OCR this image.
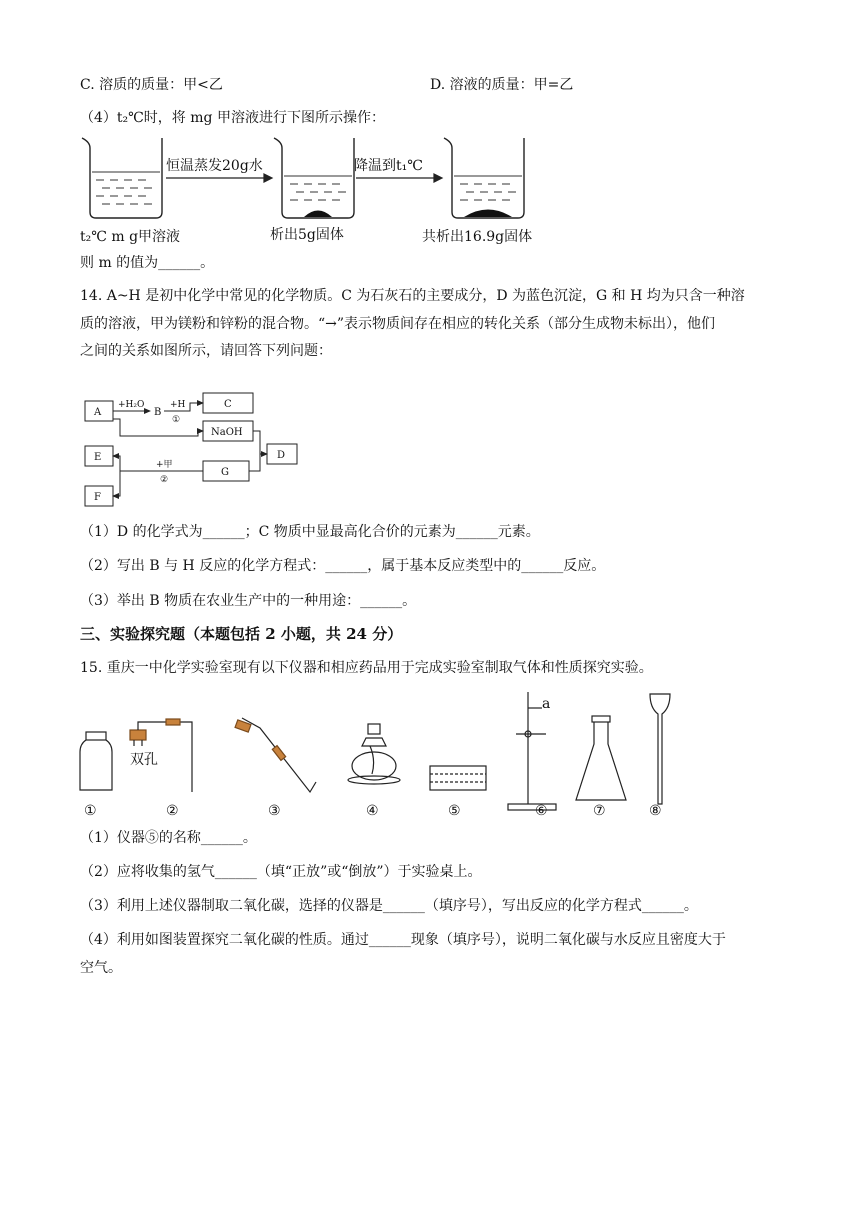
C. 溶质的质量：甲<乙	D. 溶液的质量：甲=乙
（4）t₂℃时，将 mg 甲溶液进行下图所示操作：
恒温蒸发20g水	降温到t₁℃
t₂℃ m g甲溶液	析出5g固体	共析出16.9g固体
则 m 的值为______。
14. A~H 是初中化学中常见的化学物质。C 为石灰石的主要成分，D 为蓝色沉淀，G 和 H 均为只含一种溶
质的溶液，甲为镁粉和锌粉的混合物。“→”表示物质间存在相应的转化关系（部分生成物未标出），他们
之间的关系如图所示，请回答下列问题：
A	B
C
NaOH
D
E
G
F
+H₂O	+H
①
+甲
②
（1）D 的化学式为______；C 物质中显最高化合价的元素为______元素。
（2）写出 B 与 H 反应的化学方程式：______，属于基本反应类型中的______反应。
（3）举出 B 物质在农业生产中的一种用途：______。
三、实验探究题（本题包括 2 小题，共 24 分）
15. 重庆一中化学实验室现有以下仪器和相应药品用于完成实验室制取气体和性质探究实验。
双孔
a
①	②	③	④	⑤	⑥	⑦	⑧
（1）仪器⑤的名称______。
（2）应将收集的氢气______（填“正放”或“倒放”）于实验桌上。
（3）利用上述仪器制取二氧化碳，选择的仪器是______（填序号），写出反应的化学方程式______。
（4）利用如图装置探究二氧化碳的性质。通过______现象（填序号），说明二氧化碳与水反应且密度大于
空气。
